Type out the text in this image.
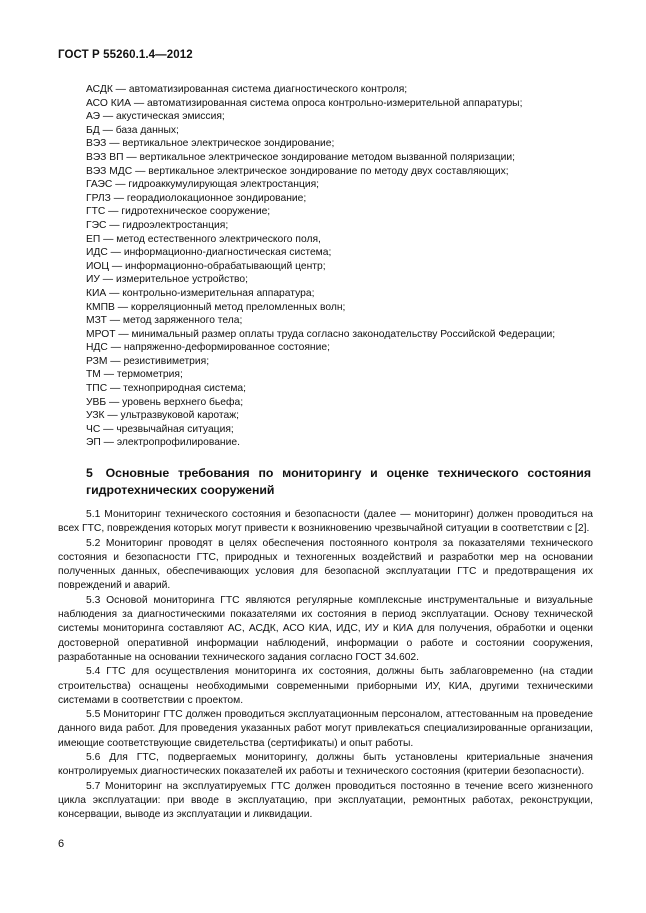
ГОСТ Р 55260.1.4—2012
АСДК — автоматизированная система диагностического контроля;
АСО КИА — автоматизированная система опроса контрольно-измерительной аппаратуры;
АЭ — акустическая эмиссия;
БД — база данных;
ВЭЗ — вертикальное электрическое зондирование;
ВЭЗ ВП — вертикальное электрическое зондирование методом вызванной поляризации;
ВЭЗ МДС — вертикальное электрическое зондирование по методу двух составляющих;
ГАЭС — гидроаккумулирующая электростанция;
ГРЛЗ — георадиолокационное зондирование;
ГТС — гидротехническое сооружение;
ГЭС — гидроэлектростанция;
ЕП — метод естественного электрического поля,
ИДС — информационно-диагностическая система;
ИОЦ — информационно-обрабатывающий центр;
ИУ — измерительное устройство;
КИА — контрольно-измерительная аппаратура;
КМПВ — корреляционный метод преломленных волн;
МЗТ — метод заряженного тела;
МРОТ — минимальный размер оплаты труда согласно законодательству Российской Федерации;
НДС — напряженно-деформированное состояние;
РЗМ — резистивиметрия;
ТМ — термометрия;
ТПС — техноприродная система;
УВБ — уровень верхнего бьефа;
УЗК — ультразвуковой каротаж;
ЧС — чрезвычайная ситуация;
ЭП — электропрофилирование.
5 Основные требования по мониторингу и оценке технического состояния гидротехнических сооружений

5.1 Мониторинг технического состояния и безопасности (далее — мониторинг) должен проводиться на всех ГТС, повреждения которых могут привести к возникновению чрезвычайной ситуации в соответствии с [2].

5.2 Мониторинг проводят в целях обеспечения постоянного контроля за показателями технического состояния и безопасности ГТС, природных и техногенных воздействий и разработки мер на основании полученных данных, обеспечивающих условия для безопасной эксплуатации ГТС и предотвращения их повреждений и аварий.

5.3 Основой мониторинга ГТС являются регулярные комплексные инструментальные и визуальные наблюдения за диагностическими показателями их состояния в период эксплуатации. Основу технической системы мониторинга составляют АС, АСДК, АСО КИА, ИДС, ИУ и КИА для получения, обработки и оценки достоверной оперативной информации наблюдений, информации о работе и состоянии сооружения, разработанные на основании технического задания согласно ГОСТ 34.602.

5.4 ГТС для осуществления мониторинга их состояния, должны быть заблаговременно (на стадии строительства) оснащены необходимыми современными приборными ИУ, КИА, другими техническими системами в соответствии с проектом.

5.5 Мониторинг ГТС должен проводиться эксплуатационным персоналом, аттестованным на проведение данного вида работ. Для проведения указанных работ могут привлекаться специализированные организации, имеющие соответствующие свидетельства (сертификаты) и опыт работы.

5.6 Для ГТС, подвергаемых мониторингу, должны быть установлены критериальные значения контролируемых диагностических показателей их работы и технического состояния (критерии безопасности).

5.7 Мониторинг на эксплуатируемых ГТС должен проводиться постоянно в течение всего жизненного цикла эксплуатации: при вводе в эксплуатацию, при эксплуатации, ремонтных работах, реконструкции, консервации, выводе из эксплуатации и ликвидации.

6
